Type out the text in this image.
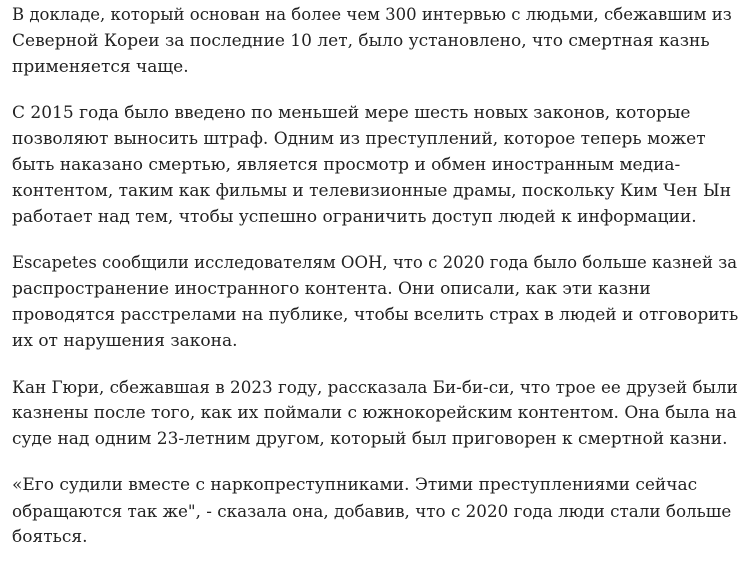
В докладе, который основан на более чем 300 интервью с людьми, сбежавшим из
Северной Кореи за последние 10 лет, было установлено, что смертная казнь
применяется чаще.

С 2015 года было введено по меньшей мере шесть новых законов, которые
позволяют выносить штраф. Одним из преступлений, которое теперь может
быть наказано смертью, является просмотр и обмен иностранным медиа-
контентом, таким как фильмы и телевизионные драмы, поскольку Ким Чен Ын
работает над тем, чтобы успешно ограничить доступ людей к информации.

Escapetes сообщили исследователям ООН, что с 2020 года было больше казней за
распространение иностранного контента. Они описали, как эти казни
проводятся расстрелами на публике, чтобы вселить страх в людей и отговорить
их от нарушения закона.

Кан Гюри, сбежавшая в 2023 году, рассказала Би-би-си, что трое ее друзей были
казнены после того, как их поймали с южнокорейским контентом. Она была на
суде над одним 23-летним другом, который был приговорен к смертной казни.

«Его судили вместе с наркопреступниками. Этими преступлениями сейчас
обращаются так же", - сказала она, добавив, что с 2020 года люди стали больше
бояться.
